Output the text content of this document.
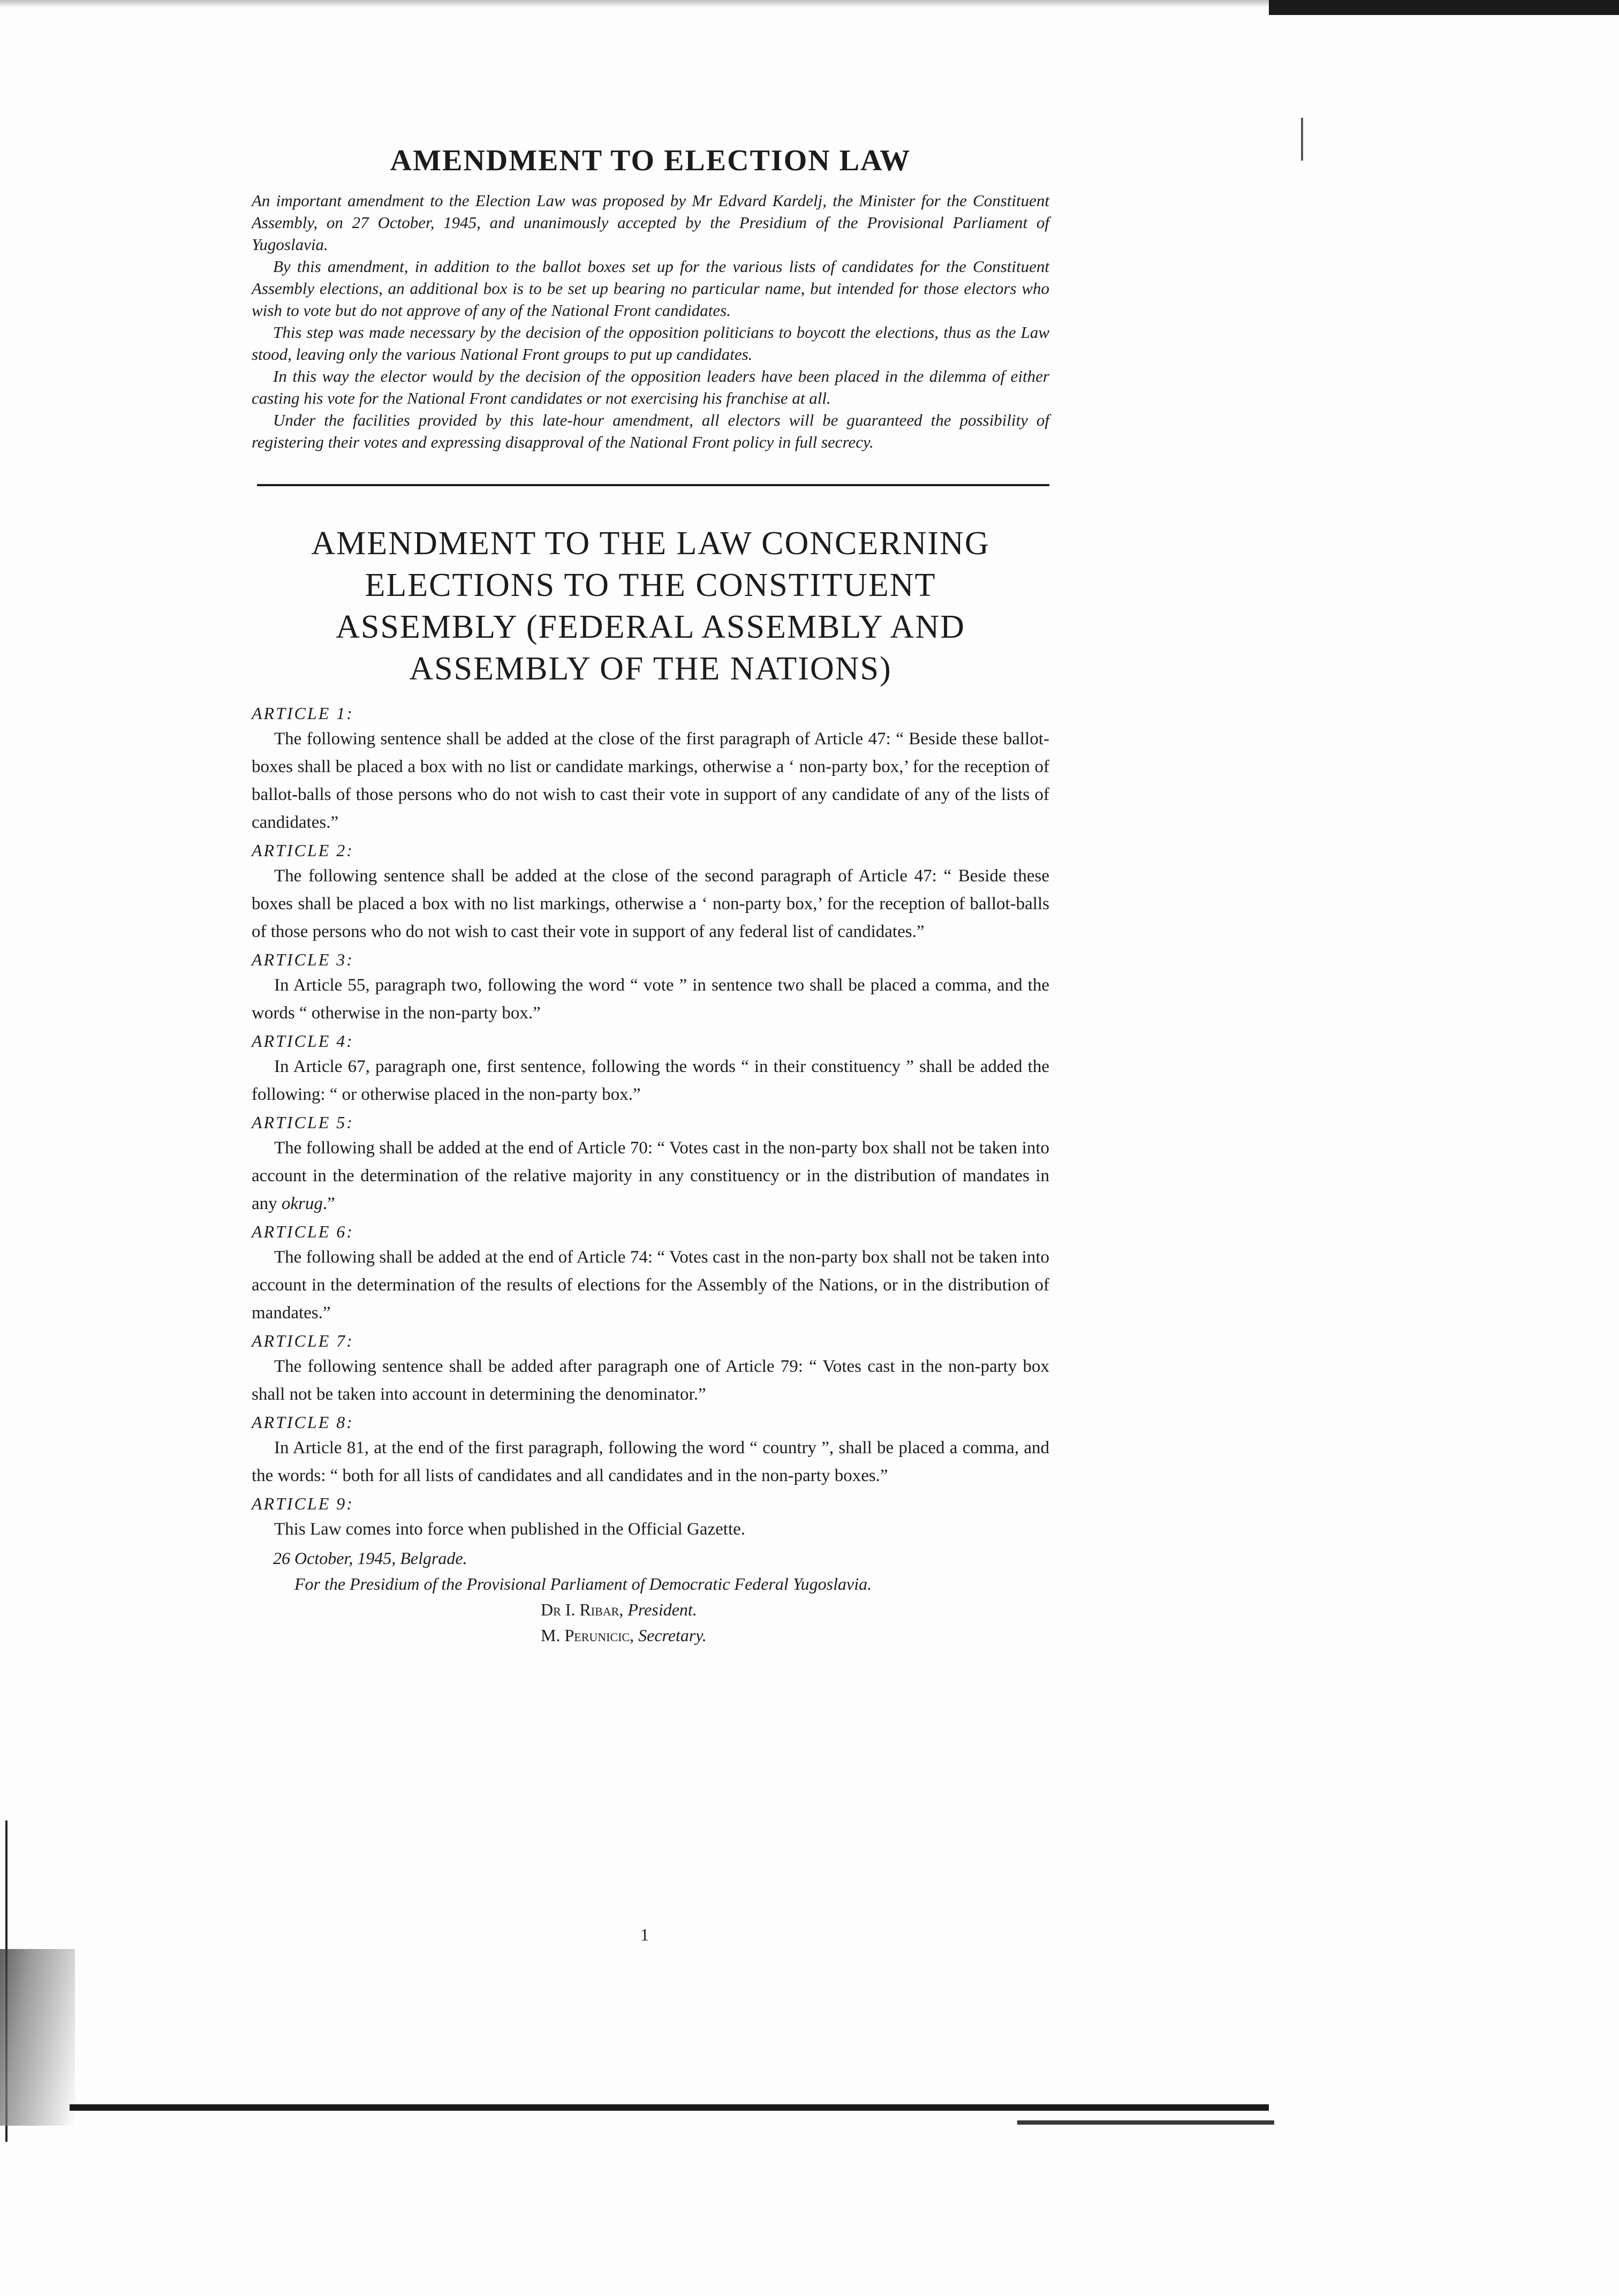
AMENDMENT TO ELECTION LAW

An important amendment to the Election Law was proposed by Mr Edvard Kardelj, the Minister for the Constituent Assembly, on 27 October, 1945, and unanimously accepted by the Presidium of the Provisional Parliament of Yugoslavia.

By this amendment, in addition to the ballot boxes set up for the various lists of candidates for the Constituent Assembly elections, an additional box is to be set up bearing no particular name, but intended for those electors who wish to vote but do not approve of any of the National Front candidates.

This step was made necessary by the decision of the opposition politicians to boycott the elections, thus as the Law stood, leaving only the various National Front groups to put up candidates.

In this way the elector would by the decision of the opposition leaders have been placed in the dilemma of either casting his vote for the National Front candidates or not exercising his franchise at all.

Under the facilities provided by this late-hour amendment, all electors will be guaranteed the possibility of registering their votes and expressing disapproval of the National Front policy in full secrecy.

AMENDMENT TO THE LAW CONCERNING
ELECTIONS TO THE CONSTITUENT
ASSEMBLY (FEDERAL ASSEMBLY AND
ASSEMBLY OF THE NATIONS)

ARTICLE 1:

The following sentence shall be added at the close of the first paragraph of Article 47: “ Beside these ballot-boxes shall be placed a box with no list or candidate markings, otherwise a ‘ non-party box,’ for the reception of ballot-balls of those persons who do not wish to cast their vote in support of any candidate of any of the lists of candidates.”

ARTICLE 2:

The following sentence shall be added at the close of the second paragraph of Article 47: “ Beside these boxes shall be placed a box with no list markings, otherwise a ‘ non-party box,’ for the reception of ballot-balls of those persons who do not wish to cast their vote in support of any federal list of candidates.”

ARTICLE 3:

In Article 55, paragraph two, following the word “ vote ” in sentence two shall be placed a comma, and the words “ otherwise in the non-party box.”

ARTICLE 4:

In Article 67, paragraph one, first sentence, following the words “ in their constituency ” shall be added the following: “ or otherwise placed in the non-party box.”

ARTICLE 5:

The following shall be added at the end of Article 70: “ Votes cast in the non-party box shall not be taken into account in the determination of the relative majority in any constituency or in the distribution of mandates in any okrug.”

ARTICLE 6:

The following shall be added at the end of Article 74: “ Votes cast in the non-party box shall not be taken into account in the determination of the results of elections for the Assembly of the Nations, or in the distribution of mandates.”

ARTICLE 7:

The following sentence shall be added after paragraph one of Article 79: “ Votes cast in the non-party box shall not be taken into account in determining the denominator.”

ARTICLE 8:

In Article 81, at the end of the first paragraph, following the word “ country ”, shall be placed a comma, and the words: “ both for all lists of candidates and all candidates and in the non-party boxes.”

ARTICLE 9:

This Law comes into force when published in the Official Gazette.

26 October, 1945, Belgrade.

For the Presidium of the Provisional Parliament of Democratic Federal Yugoslavia.

Dr I. Ribar, President.

M. Perunicic, Secretary.

1
